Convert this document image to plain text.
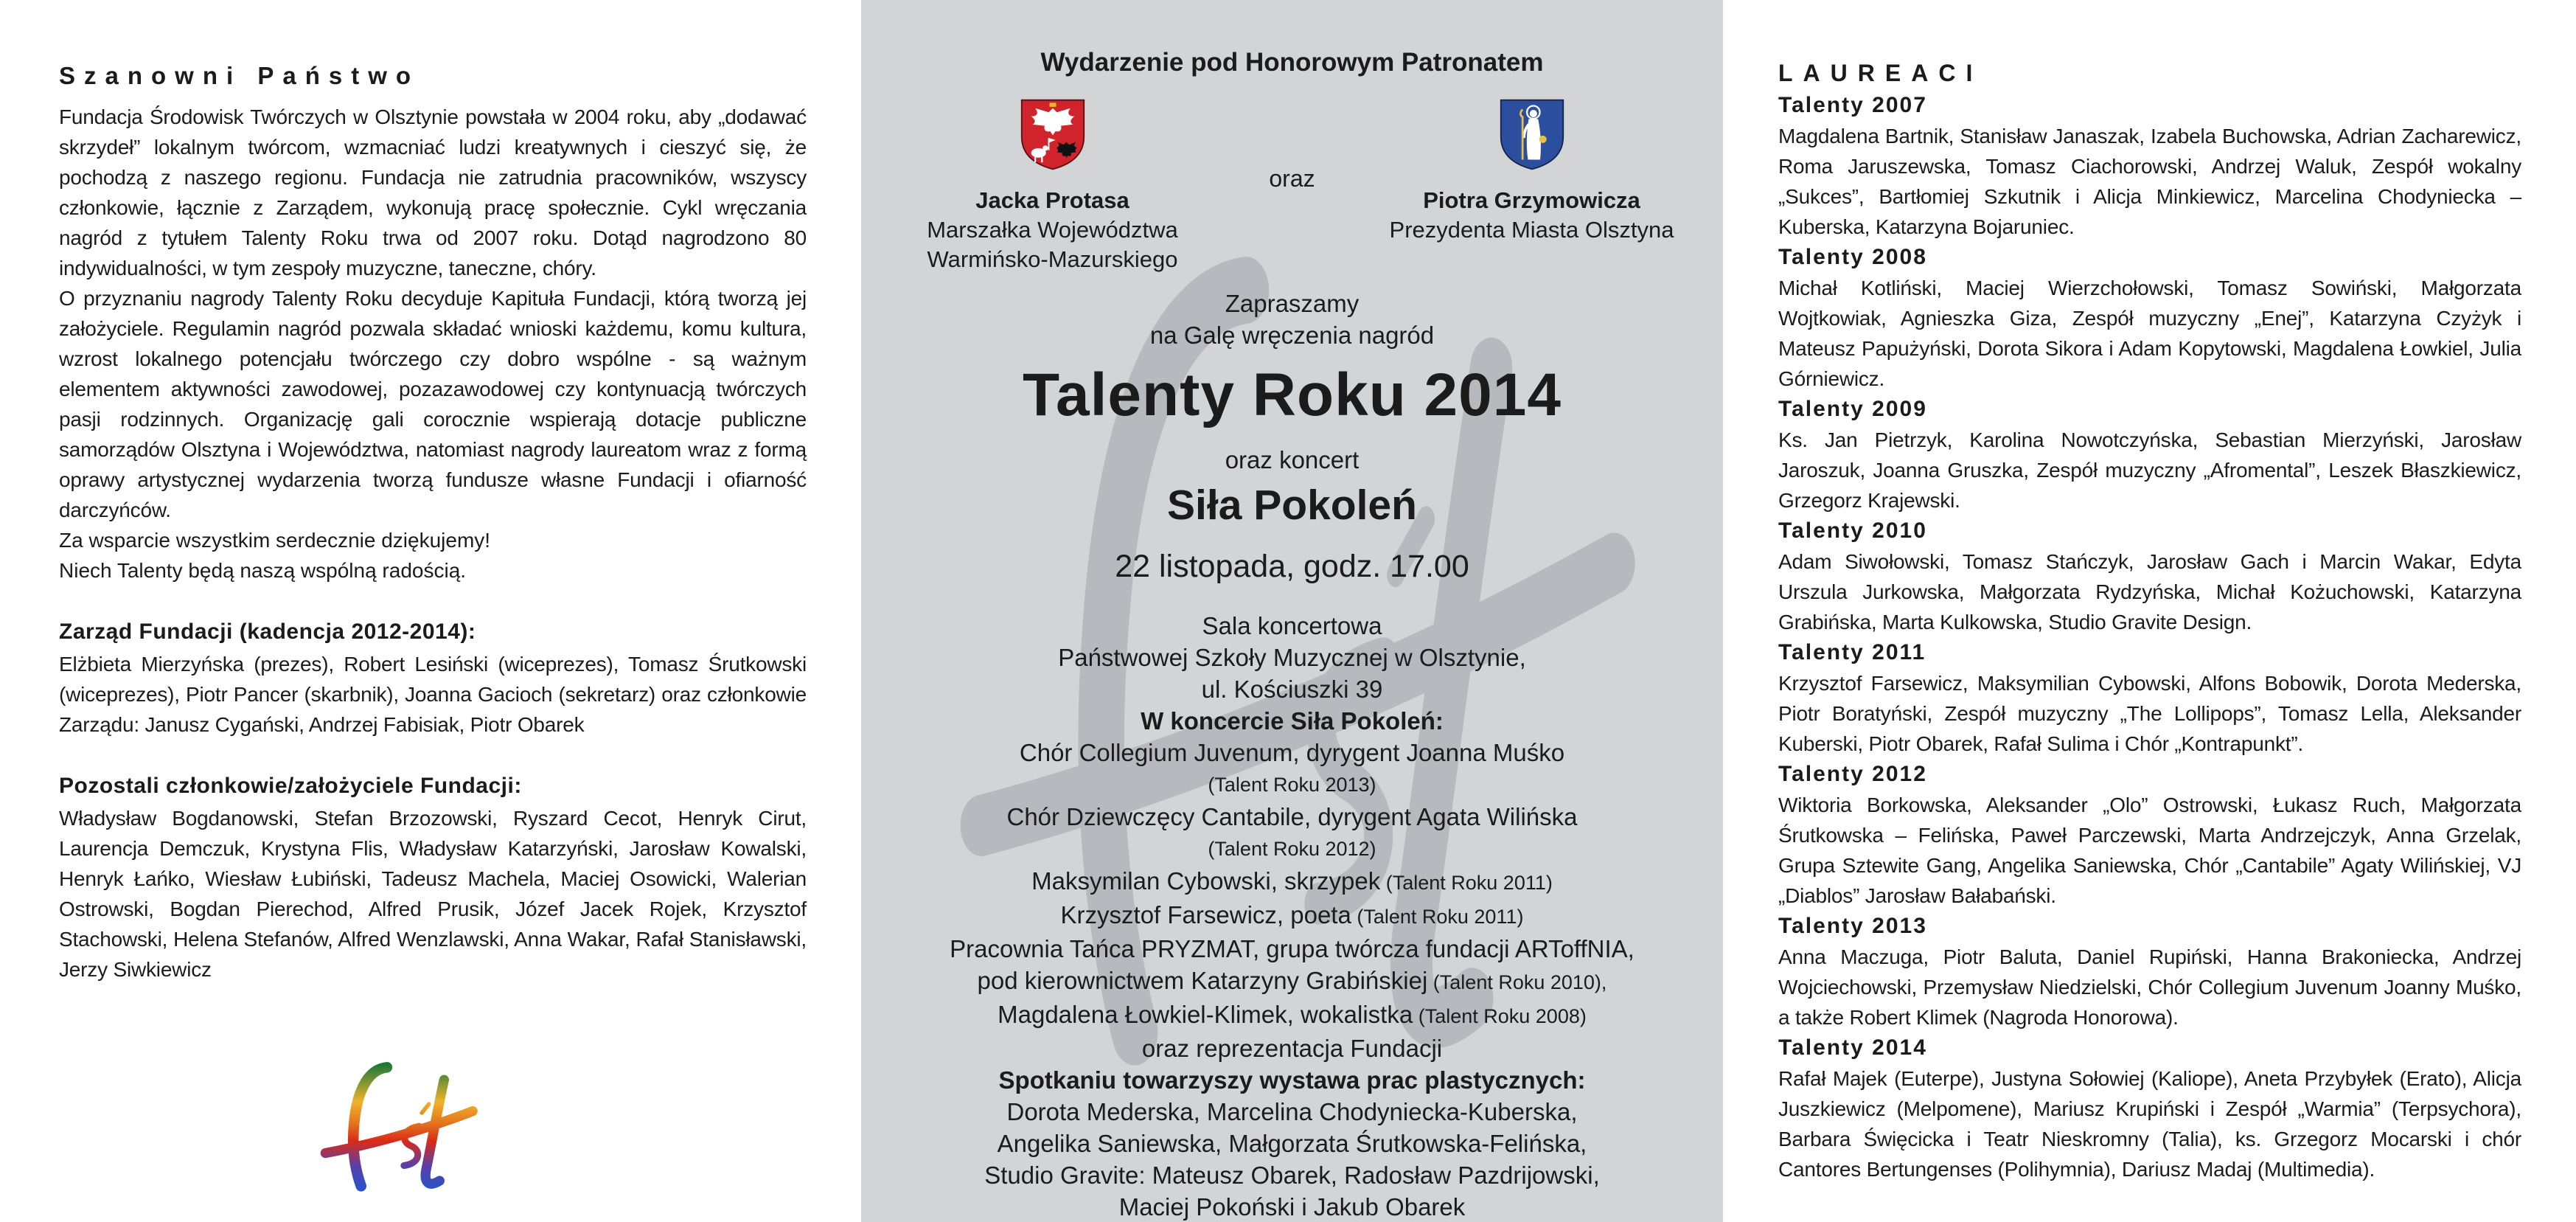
Szanowni Państwo

Fundacja Środowisk Twórczych w Olsztynie powstała w 2004 roku, aby „dodawać skrzydeł” lokalnym twórcom, wzmacniać ludzi kreatywnych i cieszyć się, że pochodzą z naszego regionu. Fundacja nie zatrudnia pracowników, wszyscy członkowie, łącznie z Zarządem, wykonują pracę społecznie. Cykl wręczania nagród z tytułem Talenty Roku trwa od 2007 roku. Dotąd nagrodzono 80 indywidualności, w tym zespoły muzyczne, taneczne, chóry.

O przyznaniu nagrody Talenty Roku decyduje Kapituła Fundacji, którą tworzą jej założyciele. Regulamin nagród pozwala składać wnioski każdemu, komu kultura, wzrost lokalnego potencjału twórczego czy dobro wspólne - są ważnym elementem aktywności zawodowej, pozazawodowej czy kontynuacją twórczych pasji rodzinnych. Organizację gali corocznie wspierają dotacje publiczne samorządów Olsztyna i Województwa, natomiast nagrody laureatom wraz z formą oprawy artystycznej wydarzenia tworzą fundusze własne Fundacji i ofiarność darczyńców.

Za wsparcie wszystkim serdecznie dziękujemy!
Niech Talenty będą naszą wspólną radością.
Zarząd Fundacji (kadencja 2012-2014):

Elżbieta Mierzyńska (prezes), Robert Lesiński (wiceprezes), Tomasz Śrutkowski (wiceprezes), Piotr Pancer (skarbnik), Joanna Gacioch (sekretarz) oraz członkowie Zarządu: Janusz Cygański, Andrzej Fabisiak, Piotr Obarek

Pozostali członkowie/założyciele Fundacji:

Władysław Bogdanowski, Stefan Brzozowski, Ryszard Cecot, Henryk Cirut, Laurencja Demczuk, Krystyna Flis, Władysław Katarzyński, Jarosław Kowalski, Henryk Łańko, Wiesław Łubiński, Tadeusz Machela, Maciej Osowicki, Walerian Ostrowski, Bogdan Pierechod, Alfred Prusik, Józef Jacek Rojek, Krzysztof Stachowski, Helena Stefanów, Alfred Wenzlawski, Anna Wakar, Rafał Stanisławski, Jerzy Siwkiewicz

Wydarzenie pod Honorowym Patronatem

Jacka Protasa
Marszałka Województwa
Warmińsko-Mazurskiego
oraz
Piotra Grzymowicza
Prezydenta Miasta Olsztyna
Zapraszamy
na Galę wręczenia nagród
Talenty Roku 2014
oraz koncert
Siła Pokoleń
22 listopada, godz. 17.00
Sala koncertowa
Państwowej Szkoły Muzycznej w Olsztynie,
ul. Kościuszki 39
W koncercie Siła Pokoleń:
Chór Collegium Juvenum, dyrygent Joanna Muśko
(Talent Roku 2013)
Chór Dziewczęcy Cantabile, dyrygent Agata Wilińska
(Talent Roku 2012)
Maksymilan Cybowski, skrzypek (Talent Roku 2011)
Krzysztof Farsewicz, poeta (Talent Roku 2011)
Pracownia Tańca PRYZMAT, grupa twórcza fundacji ARToffNIA,
pod kierownictwem Katarzyny Grabińskiej (Talent Roku 2010),
Magdalena Łowkiel-Klimek, wokalistka (Talent Roku 2008)
oraz reprezentacja Fundacji
Spotkaniu towarzyszy wystawa prac plastycznych:
Dorota Mederska, Marcelina Chodyniecka-Kuberska,
Angelika Saniewska, Małgorzata Śrutkowska-Felińska,
Studio Gravite: Mateusz Obarek, Radosław Pazdrijowski,
Maciej Pokoński i Jakub Obarek
LAUREACI
Talenty 2007

Magdalena Bartnik, Stanisław Janaszak, Izabela Buchowska, Adrian Zacharewicz, Roma Jaruszewska, Tomasz Ciachorowski, Andrzej Waluk, Zespół wokalny „Sukces”, Bartłomiej Szkutnik i Alicja Minkiewicz, Marcelina Chodyniecka – Kuberska, Katarzyna Bojaruniec.

Talenty 2008

Michał Kotliński, Maciej Wierzchołowski, Tomasz Sowiński, Małgorzata Wojtkowiak, Agnieszka Giza, Zespół muzyczny „Enej”, Katarzyna Czyżyk i Mateusz Papużyński, Dorota Sikora i Adam Kopytowski, Magdalena Łowkiel, Julia Górniewicz.

Talenty 2009

Ks. Jan Pietrzyk, Karolina Nowotczyńska, Sebastian Mierzyński, Jarosław Jaroszuk, Joanna Gruszka, Zespół muzyczny „Afromental”, Leszek Błaszkiewicz, Grzegorz Krajewski.

Talenty 2010

Adam Siwołowski, Tomasz Stańczyk, Jarosław Gach i Marcin Wakar, Edyta Urszula Jurkowska, Małgorzata Rydzyńska, Michał Kożuchowski, Katarzyna Grabińska, Marta Kulkowska, Studio Gravite Design.

Talenty 2011

Krzysztof Farsewicz, Maksymilian Cybowski, Alfons Bobowik, Dorota Mederska, Piotr Boratyński, Zespół muzyczny „The Lollipops”, Tomasz Lella, Aleksander Kuberski, Piotr Obarek, Rafał Sulima i Chór „Kontrapunkt”.

Talenty 2012

Wiktoria Borkowska, Aleksander „Olo” Ostrowski, Łukasz Ruch, Małgorzata Śrutkowska – Felińska, Paweł Parczewski, Marta Andrzejczyk, Anna Grzelak, Grupa Sztewite Gang, Angelika Saniewska, Chór „Cantabile” Agaty Wilińskiej, VJ „Diablos” Jarosław Bałabański.

Talenty 2013

Anna Maczuga, Piotr Baluta, Daniel Rupiński, Hanna Brakoniecka, Andrzej Wojciechowski, Przemysław Niedzielski, Chór Collegium Juvenum Joanny Muśko, a także Robert Klimek (Nagroda Honorowa).

Talenty 2014

Rafał Majek (Euterpe), Justyna Sołowiej (Kaliope), Aneta Przybyłek (Erato), Alicja Juszkiewicz (Melpomene), Mariusz Krupiński i Zespół „Warmia” (Terpsychora), Barbara Święcicka i Teatr Nieskromny (Talia), ks. Grzegorz Mocarski i chór Cantores Bertungenses (Polihymnia), Dariusz Madaj (Multimedia).
